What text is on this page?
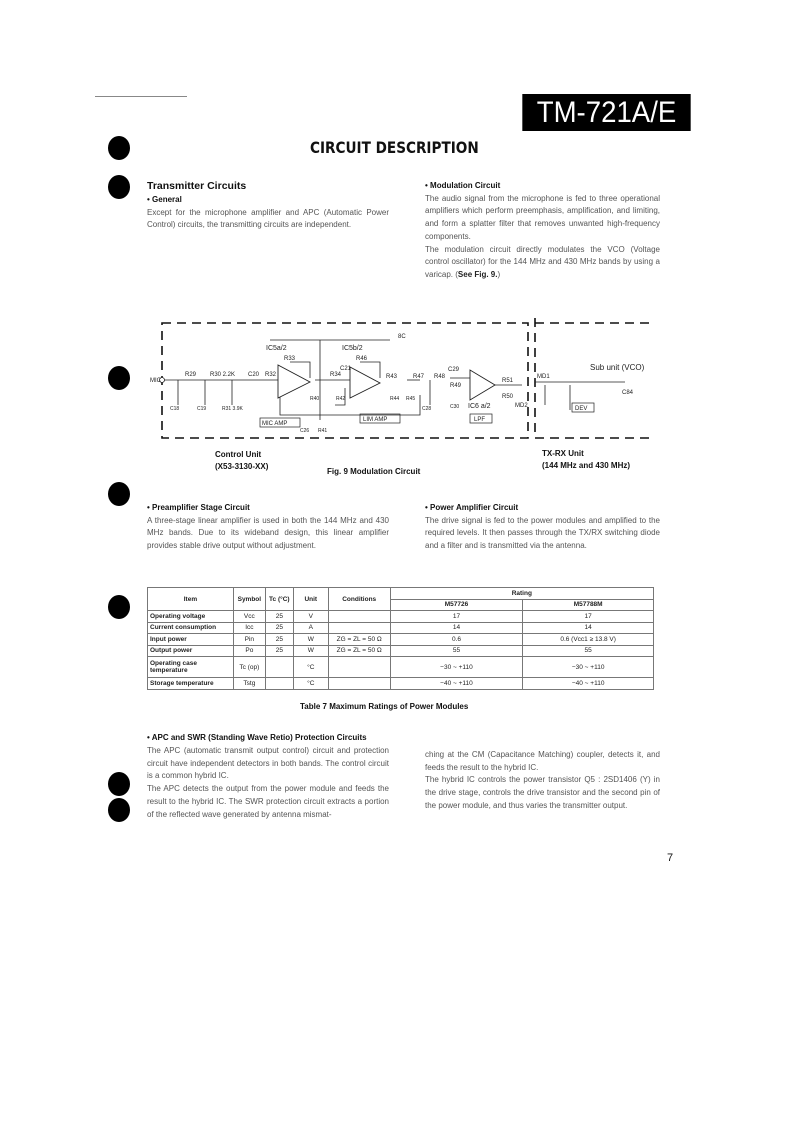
TM-721A/E
CIRCUIT DESCRIPTION
Transmitter Circuits
• General
Except for the microphone amplifier and APC (Automatic Power Control) circuits, the transmitting circuits are independent.
• Modulation Circuit
The audio signal from the microphone is fed to three operational amplifiers which perform preemphasis, amplification, and limiting, and form a splatter filter that removes unwanted high-frequency components.
The modulation circuit directly modulates the VCO (Voltage control oscillator) for the 144 MHz and 430 MHz bands by using a varicap. (See Fig. 9.)
MIC
R29 R30 2.2K C20 R32
IC5a/2
R33
8C
IC5b/2
R46
R34
C21
R43	R47 R48
C29
R49
R51
R50
MD1
MD2
IC6 a/2
Sub unit (VCO)
C84
DEV
MIC AMP
LIM AMP	LPF
C18	C19	R31 3.9K
R40	R42	R44 R45
C28	C30
C26 R41
Control Unit
(X53-3130-XX)
Fig. 9 Modulation Circuit
TX-RX Unit
(144 MHz and 430 MHz)
• Preamplifier Stage Circuit
A three-stage linear amplifier is used in both the 144 MHz and 430 MHz bands. Due to its wideband design, this linear amplifier provides stable drive output without adjustment.
• Power Amplifier Circuit
The drive signal is fed to the power modules and amplified to the required levels. It then passes through the TX/RX switching diode and a filter and is transmitted via the antenna.
Item	Symbol	Tc (°C)	Unit	Conditions	Rating	
					M57726	M57788M
Operating voltage	Vcc	25	V		17	17
Current consumption	Icc	25	A		14	14
Input power	Pin	25	W	ZG = ZL = 50 Ω	0.6	0.6 (Vcc1 ≥ 13.8 V)
Output power	Po	25	W	ZG = ZL = 50 Ω	55	55
Operating case temperature	Tc (op)		°C		−30 ~ +110	−30 ~ +110
Storage temperature	Tstg		°C		−40 ~ +110	−40 ~ +110
Table 7 Maximum Ratings of Power Modules
• APC and SWR (Standing Wave Retio) Protection Circuits
The APC (automatic transmit output control) circuit and protection circuit have independent detectors in both bands. The control circuit is a common hybrid IC.
The APC detects the output from the power module and feeds the result to the hybrid IC. The SWR protection circuit extracts a portion of the reflected wave generated by antenna mismat-
ching at the CM (Capacitance Matching) coupler, detects it, and feeds the result to the hybrid IC.
The hybrid IC controls the power transistor Q5 : 2SD1406 (Y) in the drive stage, controls the drive transistor and the second pin of the power module, and thus varies the transmitter output.
7
